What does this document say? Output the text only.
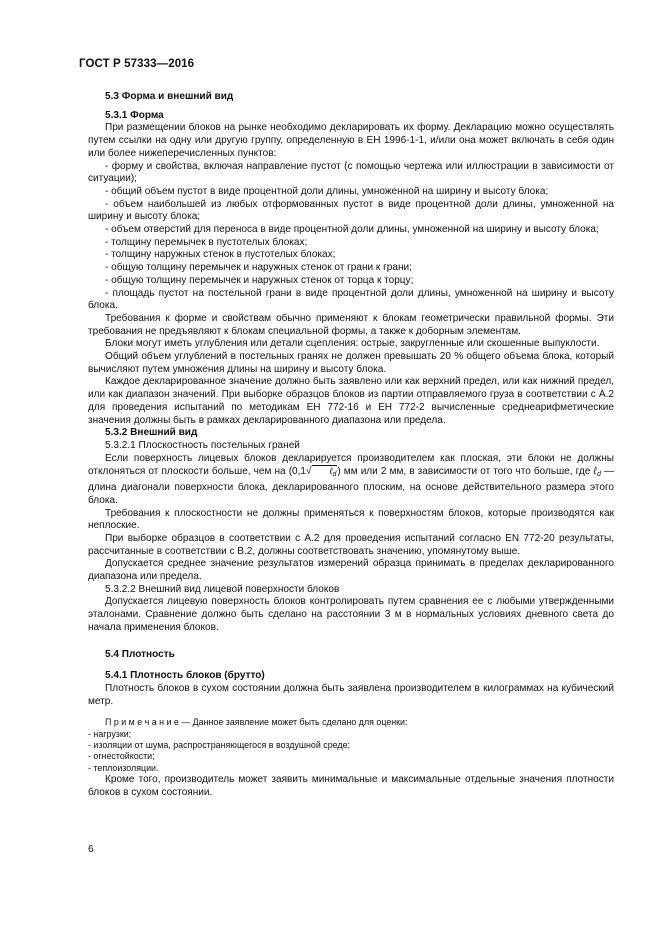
ГОСТ Р 57333—2016
5.3 Форма и внешний вид
5.3.1 Форма

При размещении блоков на рынке необходимо декларировать их форму. Декларацию можно осуществлять путем ссылки на одну или другую группу, определенную в ЕН 1996-1-1, и/или она может включать в себя один или более нижеперечисленных пунктов:

- форму и свойства, включая направление пустот (с помощью чертежа или иллюстрации в зависимости от ситуации);

- общий объем пустот в виде процентной доли длины, умноженной на ширину и высоту блока;

- объем наибольшей из любых отформованных пустот в виде процентной доли длины, умноженной на ширину и высоту блока;

- объем отверстий для переноса в виде процентной доли длины, умноженной на ширину и высоту блока;

- толщину перемычек в пустотелых блоках;

- толщину наружных стенок в пустотелых блоках;

- общую толщину перемычек и наружных стенок от грани к грани;

- общую толщину перемычек и наружных стенок от торца к торцу;

- площадь пустот на постельной грани в виде процентной доли длины, умноженной на ширину и высоту блока.

Требования к форме и свойствам обычно применяют к блокам геометрически правильной формы. Эти требования не предъявляют к блокам специальной формы, а также к доборным элементам.

Блоки могут иметь углубления или детали сцепления: острые, закругленные или скошенные выпуклости.

Общий объем углублений в постельных гранях не должен превышать 20 % общего объема блока, который вычисляют путем умножения длины на ширину и высоту блока.

Каждое декларированное значение должно быть заявлено или как верхний предел, или как нижний предел, или как диапазон значений. При выборке образцов блоков из партии отправляемого груза в соответствии с А.2 для проведения испытаний по методикам ЕН 772-16 и ЕН 772-2 вычисленные среднеарифметические значения должны быть в рамках декларированного диапазона или предела.

5.3.2 Внешний вид
5.3.2.1 Плоскостность постельных граней

Если поверхность лицевых блоков декларируется производителем как плоская, эти блоки не должны отклоняться от плоскости больше, чем на (0,1√ ℓ$_d$) мм или 2 мм, в зависимости от того что больше, где ℓ$_d$ — длина диагонали поверхности блока, декларированного плоским, на основе действительного размера этого блока.

Требования к плоскостности не должны применяться к поверхностям блоков, которые производятся как неплоские.

При выборке образцов в соответствии с А.2 для проведения испытаний согласно EN 772-20 результаты, рассчитанные в соответствии с В.2, должны соответствовать значению, упомянутому выше.

Допускается среднее значение результатов измерений образца принимать в пределах декларированного диапазона или предела.

5.3.2.2 Внешний вид лицевой поверхности блоков

Допускается лицевую поверхность блоков контролировать путем сравнения ее с любыми утвержденными эталонами. Сравнение должно быть сделано на расстоянии 3 м в нормальных условиях дневного света до начала применения блоков.

5.4 Плотность
5.4.1 Плотность блоков (брутто)

Плотность блоков в сухом состоянии должна быть заявлена производителем в килограммах на кубический метр.

П р и м е ч а н и е — Данное заявление может быть сделано для оценки:
- нагрузки;
- изоляции от шума, распространяющегося в воздушной среде;
- огнестойкости;
- теплоизоляции.

Кроме того, производитель может заявить минимальные и максимальные отдельные значения плотности блоков в сухом состоянии.

6
